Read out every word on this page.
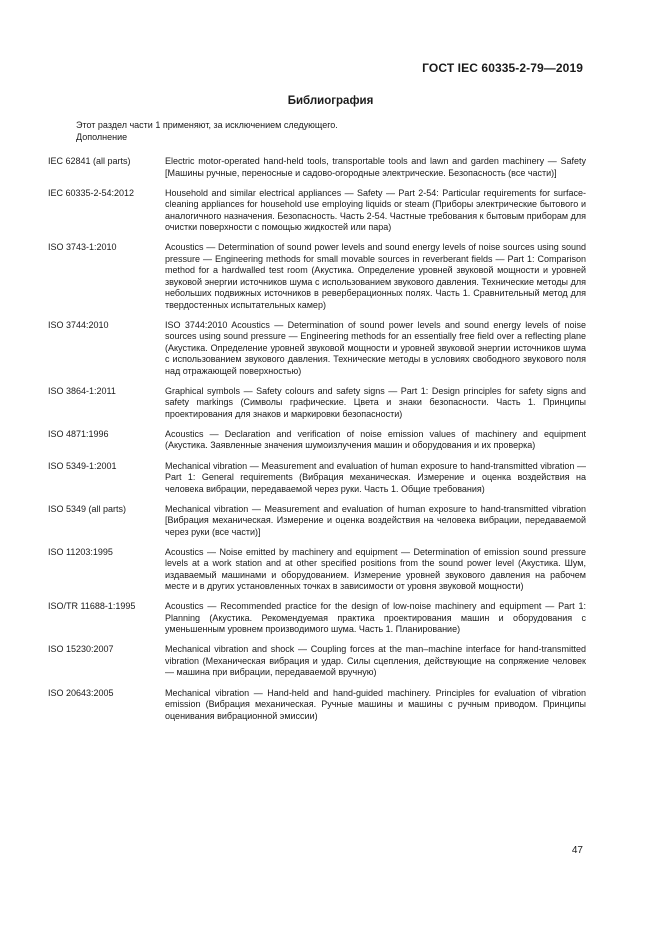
ГОСТ IEC 60335-2-79—2019
Библиография
Этот раздел части 1 применяют, за исключением следующего.
Дополнение
IEC 62841 (all parts)	Electric motor-operated hand-held tools, transportable tools and lawn and garden machinery — Safety [Машины ручные, переносные и садово-огородные электрические. Безопасность (все части)]
IEC 60335-2-54:2012	Household and similar electrical appliances — Safety — Part 2-54: Particular requirements for surface-cleaning appliances for household use employing liquids or steam (Приборы электрические бытового и аналогичного назначения. Безопасность. Часть 2-54. Частные требования к бытовым приборам для очистки поверхности с помощью жидкостей или пара)
ISO 3743-1:2010	Acoustics — Determination of sound power levels and sound energy levels of noise sources using sound pressure — Engineering methods for small movable sources in reverberant fields — Part 1: Comparison method for a hardwalled test room (Акустика. Определение уровней звуковой мощности и уровней звуковой энергии источников шума с использованием звукового давления. Технические методы для небольших подвижных источников в реверберационных полях. Часть 1. Сравнительный метод для твердостенных испытательных камер)
ISO 3744:2010	ISO 3744:2010 Acoustics — Determination of sound power levels and sound energy levels of noise sources using sound pressure — Engineering methods for an essentially free field over a reflecting plane (Акустика. Определение уровней звуковой мощности и уровней звуковой энергии источников шума с использованием звукового давления. Технические методы в условиях свободного звукового поля над отражающей поверхностью)
ISO 3864-1:2011	Graphical symbols — Safety colours and safety signs — Part 1: Design principles for safety signs and safety markings (Символы графические. Цвета и знаки безопасности. Часть 1. Принципы проектирования для знаков и маркировки безопасности)
ISO 4871:1996	Acoustics — Declaration and verification of noise emission values of machinery and equipment (Акустика. Заявленные значения шумоизлучения машин и оборудования и их проверка)
ISO 5349-1:2001	Mechanical vibration — Measurement and evaluation of human exposure to hand-transmitted vibration — Part 1: General requirements (Вибрация механическая. Измерение и оценка воздействия на человека вибрации, передаваемой через руки. Часть 1. Общие требования)
ISO 5349 (all parts)	Mechanical vibration — Measurement and evaluation of human exposure to hand-transmitted vibration [Вибрация механическая. Измерение и оценка воздействия на человека вибрации, передаваемой через руки (все части)]
ISO 11203:1995	Acoustics — Noise emitted by machinery and equipment — Determination of emission sound pressure levels at a work station and at other specified positions from the sound power level (Акустика. Шум, издаваемый машинами и оборудованием. Измерение уровней звукового давления на рабочем месте и в других установленных точках в зависимости от уровня звуковой мощности)
ISO/TR 11688-1:1995	Acoustics — Recommended practice for the design of low-noise machinery and equipment — Part 1: Planning (Акустика. Рекомендуемая практика проектирования машин и оборудования с уменьшенным уровнем производимого шума. Часть 1. Планирование)
ISO 15230:2007	Mechanical vibration and shock — Coupling forces at the man–machine interface for hand-transmitted vibration (Механическая вибрация и удар. Силы сцепления, действующие на сопряжение человек — машина при вибрации, передаваемой вручную)
ISO 20643:2005	Mechanical vibration — Hand-held and hand-guided machinery. Principles for evaluation of vibration emission (Вибрация механическая. Ручные машины и машины с ручным приводом. Принципы оценивания вибрационной эмиссии)
47
